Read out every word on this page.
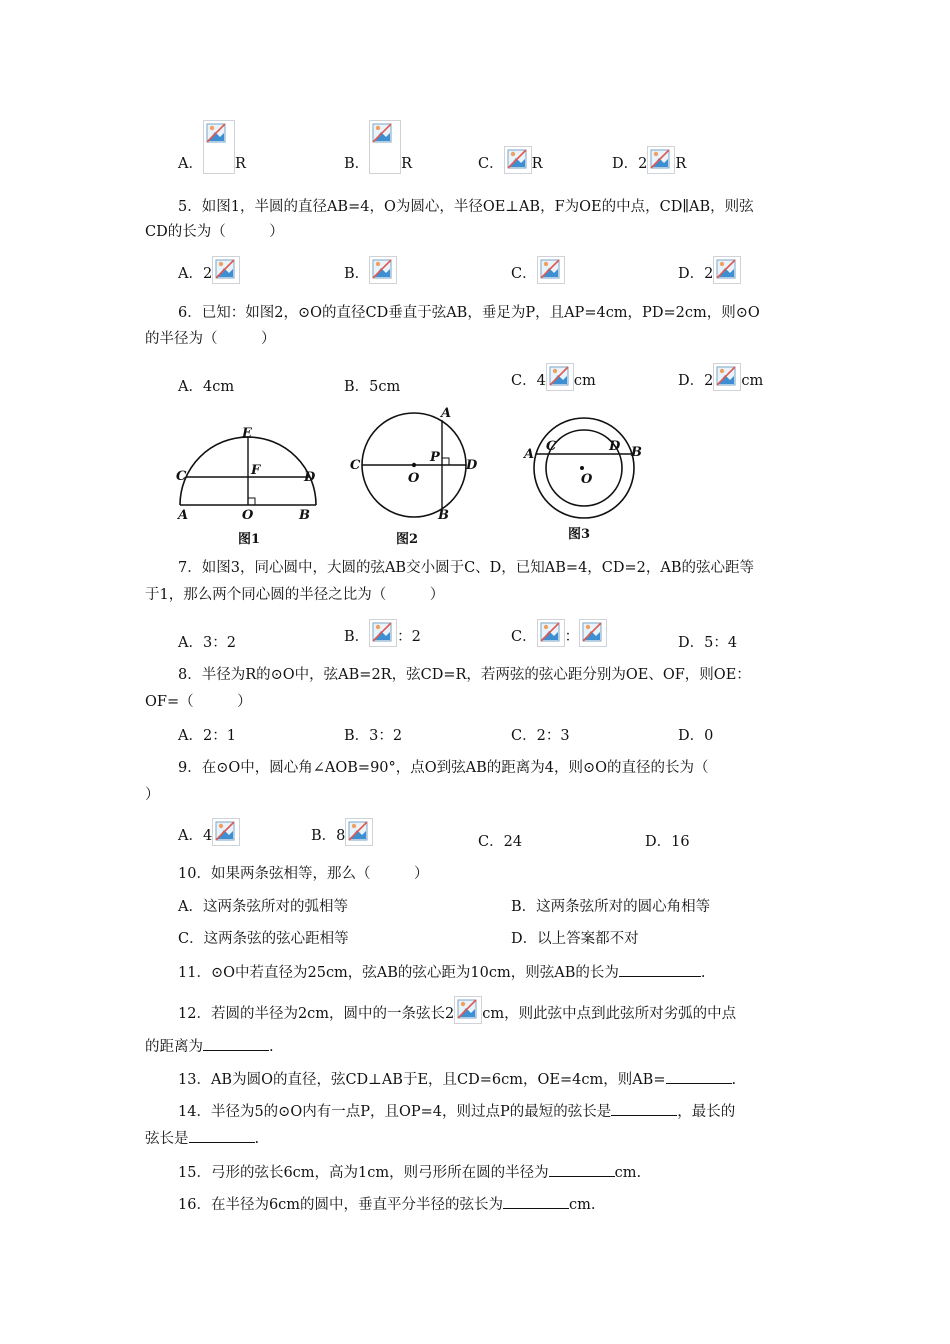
A． R	B． R	C． R	D．2 R
5．如图1，半圆的直径AB=4，O为圆心，半径OE⊥AB，F为OE的中点，CD∥AB，则弦
CD的长为（　　　）
A．2	B．	C．	D．2
6．已知：如图2，⊙O的直径CD垂直于弦AB，垂足为P，且AP=4cm，PD=2cm，则⊙O
的半径为（　　　）
A．4cm	B．5cm	C．4 cm	D．2 cm
E
C	F	D
A	O	B
图1
A
C
P
D
O
B
图2
C	D
A	B
O
图3
7．如图3，同心圆中，大圆的弦AB交小圆于C、D，已知AB=4，CD=2，AB的弦心距等
于1，那么两个同心圆的半径之比为（　　　）
A．3：2	B． ：2	C． ：	D．5：4
8．半径为R的⊙O中，弦AB=2R，弦CD=R，若两弦的弦心距分别为OE、OF，则OE：
OF=（　　　）
A．2：1	B．3：2	C．2：3	D．0
9．在⊙O中，圆心角∠AOB=90°，点O到弦AB的距离为4，则⊙O的直径的长为（
）
A．4	B．8	C．24	D．16
10．如果两条弦相等，那么（　　　）
A．这两条弦所对的弧相等	B．这两条弦所对的圆心角相等
C．这两条弦的弦心距相等	D．以上答案都不对
11．⊙O中若直径为25cm，弦AB的弦心距为10cm，则弦AB的长为	.
12．若圆的半径为2cm，圆中的一条弦长2 cm，则此弦中点到此弦所对劣弧的中点
的距离为	.
13．AB为圆O的直径，弦CD⊥AB于E，且CD=6cm，OE=4cm，则AB=	.
14．半径为5的⊙O内有一点P，且OP=4，则过点P的最短的弦长是	，最长的
弦长是	.
15．弓形的弦长6cm，高为1cm，则弓形所在圆的半径为	cm.
16．在半径为6cm的圆中，垂直平分半径的弦长为	cm.
